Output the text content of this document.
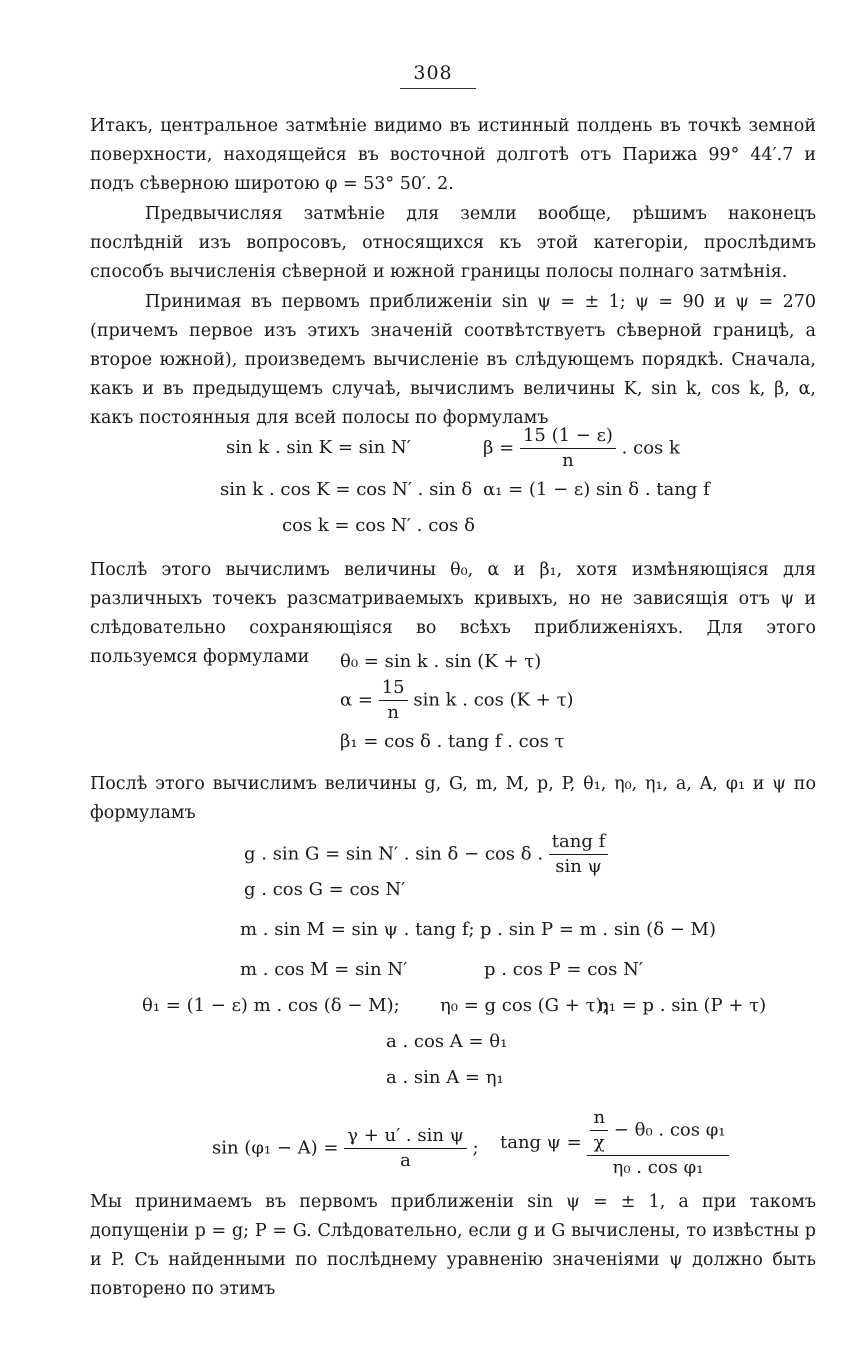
308

Итакъ, центральное затмѣніе видимо въ истинный полдень въ точкѣ земной поверхности, находящейся въ восточной долготѣ отъ Парижа 99° 44′.7 и подъ сѣверною широтою φ = 53° 50′. 2.

Предвычисляя затмѣніе для земли вообще, рѣшимъ наконецъ послѣдній изъ вопросовъ, относящихся къ этой категоріи, прослѣдимъ способъ вычисленія сѣверной и южной границы полосы полнаго затмѣнія.

Принимая въ первомъ приближеніи sin ψ = ± 1; ψ = 90 и ψ = 270 (причемъ первое изъ этихъ значеній соотвѣтствуетъ сѣверной границѣ, а второе южной), произведемъ вычисленіе въ слѣдующемъ порядкѣ. Сначала, какъ и въ предыдущемъ случаѣ, вычислимъ величины K, sin k, cos k, β, α, какъ постоянныя для всей полосы по формуламъ

sin k . sin K = sin N′	$\beta = \frac{15 (1 - \varepsilon)}{n}$ . cos k
sin k . cos K = cos N′ . sin δ α₁ = (1 − ε) sin δ . tang f
cos k = cos N′ . cos δ

Послѣ этого вычислимъ величины θ₀, α и β₁, хотя измѣняющіяся для различныхъ точекъ разсматриваемыхъ кривыхъ, но не зависящія отъ ψ и слѣдовательно сохраняющіяся во всѣхъ приближеніяхъ. Для этого пользуемся формулами	θ₀ = sin k . sin (K + τ)
$\alpha = \frac{15}{n}$ sin k . cos (K + τ)
β₁ = cos δ . tang f . cos τ

Послѣ этого вычислимъ величины g, G, m, M, p, P, θ₁, η₀, η₁, a, A, φ₁ и ψ по формуламъ

g . sin G = sin N′ . sin δ − cos δ . $\frac{\text{tang f}}{\text{sin ψ}}$
g . cos G = cos N′
m . sin M = sin ψ . tang f; p . sin P = m . sin (δ − M)
m . cos M = sin N′	p . cos P = cos N′
θ₁ = (1 − ε) m . cos (δ − M); η₀ = g cos (G + τ);
η₁ = p . sin (P + τ)
a . cos A = θ₁
a . sin A = η₁
$\sin (\varphi_1 - A) = \frac{\text{γ + u′ . sin ψ}}{a}$ ; tang $\psi = \frac{\frac{n}{\chi} - \theta_0 . \cos \varphi_1}{\text{η₀ . cos φ₁}}$

Мы принимаемъ въ первомъ приближеніи sin ψ = ± 1, а при такомъ допущеніи p = g; P = G. Слѣдовательно, если g и G вычислены, то извѣстны p и P. Съ найденными по послѣднему уравненію значеніями ψ должно быть повторено по этимъ
